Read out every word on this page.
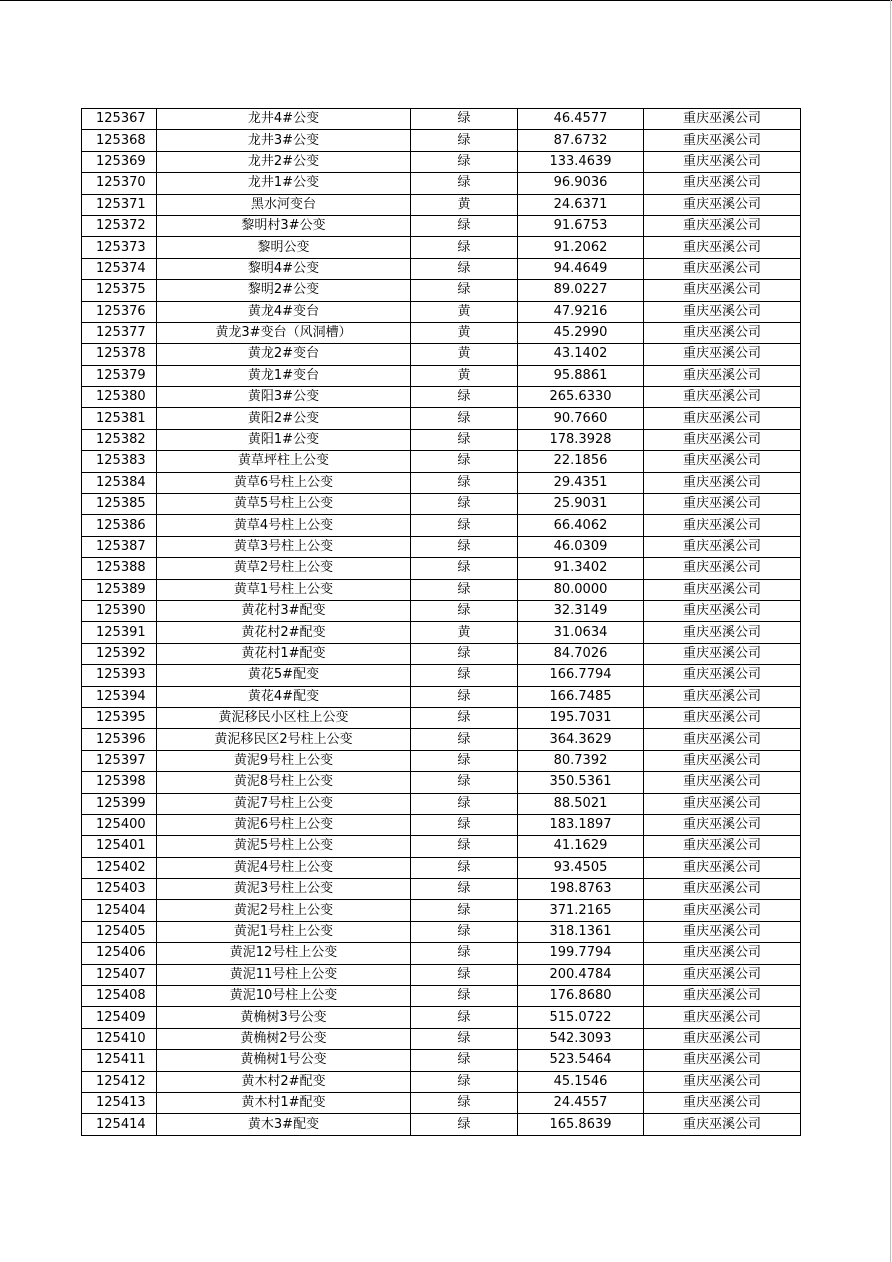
125367	龙井4#公变	绿	46.4577	重庆巫溪公司
125368	龙井3#公变	绿	87.6732	重庆巫溪公司
125369	龙井2#公变	绿	133.4639	重庆巫溪公司
125370	龙井1#公变	绿	96.9036	重庆巫溪公司
125371	黑水河变台	黄	24.6371	重庆巫溪公司
125372	黎明村3#公变	绿	91.6753	重庆巫溪公司
125373	黎明公变	绿	91.2062	重庆巫溪公司
125374	黎明4#公变	绿	94.4649	重庆巫溪公司
125375	黎明2#公变	绿	89.0227	重庆巫溪公司
125376	黄龙4#变台	黄	47.9216	重庆巫溪公司
125377	黄龙3#变台（风洞槽）	黄	45.2990	重庆巫溪公司
125378	黄龙2#变台	黄	43.1402	重庆巫溪公司
125379	黄龙1#变台	黄	95.8861	重庆巫溪公司
125380	黄阳3#公变	绿	265.6330	重庆巫溪公司
125381	黄阳2#公变	绿	90.7660	重庆巫溪公司
125382	黄阳1#公变	绿	178.3928	重庆巫溪公司
125383	黄草坪柱上公变	绿	22.1856	重庆巫溪公司
125384	黄草6号柱上公变	绿	29.4351	重庆巫溪公司
125385	黄草5号柱上公变	绿	25.9031	重庆巫溪公司
125386	黄草4号柱上公变	绿	66.4062	重庆巫溪公司
125387	黄草3号柱上公变	绿	46.0309	重庆巫溪公司
125388	黄草2号柱上公变	绿	91.3402	重庆巫溪公司
125389	黄草1号柱上公变	绿	80.0000	重庆巫溪公司
125390	黄花村3#配变	绿	32.3149	重庆巫溪公司
125391	黄花村2#配变	黄	31.0634	重庆巫溪公司
125392	黄花村1#配变	绿	84.7026	重庆巫溪公司
125393	黄花5#配变	绿	166.7794	重庆巫溪公司
125394	黄花4#配变	绿	166.7485	重庆巫溪公司
125395	黄泥移民小区柱上公变	绿	195.7031	重庆巫溪公司
125396	黄泥移民区2号柱上公变	绿	364.3629	重庆巫溪公司
125397	黄泥9号柱上公变	绿	80.7392	重庆巫溪公司
125398	黄泥8号柱上公变	绿	350.5361	重庆巫溪公司
125399	黄泥7号柱上公变	绿	88.5021	重庆巫溪公司
125400	黄泥6号柱上公变	绿	183.1897	重庆巫溪公司
125401	黄泥5号柱上公变	绿	41.1629	重庆巫溪公司
125402	黄泥4号柱上公变	绿	93.4505	重庆巫溪公司
125403	黄泥3号柱上公变	绿	198.8763	重庆巫溪公司
125404	黄泥2号柱上公变	绿	371.2165	重庆巫溪公司
125405	黄泥1号柱上公变	绿	318.1361	重庆巫溪公司
125406	黄泥12号柱上公变	绿	199.7794	重庆巫溪公司
125407	黄泥11号柱上公变	绿	200.4784	重庆巫溪公司
125408	黄泥10号柱上公变	绿	176.8680	重庆巫溪公司
125409	黄桷树3号公变	绿	515.0722	重庆巫溪公司
125410	黄桷树2号公变	绿	542.3093	重庆巫溪公司
125411	黄桷树1号公变	绿	523.5464	重庆巫溪公司
125412	黄木村2#配变	绿	45.1546	重庆巫溪公司
125413	黄木村1#配变	绿	24.4557	重庆巫溪公司
125414	黄木3#配变	绿	165.8639	重庆巫溪公司
